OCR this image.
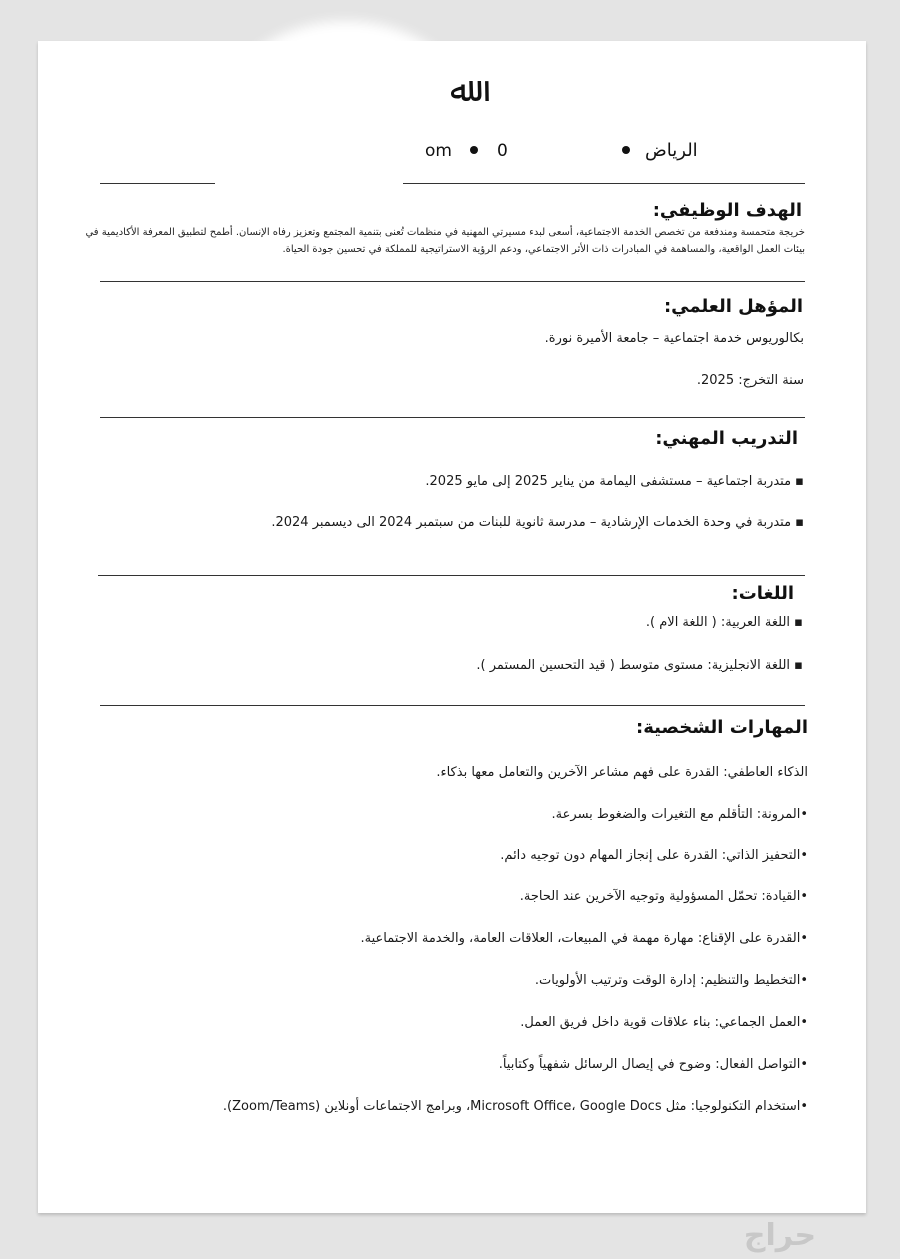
ﷲ
الرياض
0
om
الهدف الوظيفي:
خريجة متحمسة ومندفعة من تخصص الخدمة الاجتماعية، أسعى لبدء مسيرتي المهنية في منظمات تُعنى بتنمية المجتمع وتعزيز رفاه الإنسان. أطمح لتطبيق المعرفة الأكاديمية في
بيئات العمل الواقعية، والمساهمة في المبادرات ذات الأثر الاجتماعي، ودعم الرؤية الاستراتيجية للمملكة في تحسين جودة الحياة.
المؤهل العلمي:
بكالوريوس خدمة اجتماعية – جامعة الأميرة نورة.
سنة التخرج: 2025.
التدريب المهني:
▪ متدربة اجتماعية – مستشفى اليمامة من يناير 2025 إلى مايو 2025.
▪ متدربة في وحدة الخدمات الإرشادية – مدرسة ثانوية للبنات من سبتمبر 2024 الى ديسمبر 2024.
اللغات:
▪ اللغة العربية: ( اللغة الام ).
▪ اللغة الانجليزية: مستوى متوسط ( قيد التحسين المستمر ).
المهارات الشخصية:
الذكاء العاطفي: القدرة على فهم مشاعر الآخرين والتعامل معها بذكاء.
•المرونة: التأقلم مع التغيرات والضغوط بسرعة.
•التحفيز الذاتي: القدرة على إنجاز المهام دون توجيه دائم.
•القيادة: تحمّل المسؤولية وتوجيه الآخرين عند الحاجة.
•القدرة على الإقناع: مهارة مهمة في المبيعات، العلاقات العامة، والخدمة الاجتماعية.
•التخطيط والتنظيم: إدارة الوقت وترتيب الأولويات.
•العمل الجماعي: بناء علاقات قوية داخل فريق العمل.
•التواصل الفعال: وضوح في إيصال الرسائل شفهياً وكتابياً.
•استخدام التكنولوجيا: مثل Microsoft Office، Google Docs، وبرامج الاجتماعات أونلاين (Zoom/Teams).
حراج
